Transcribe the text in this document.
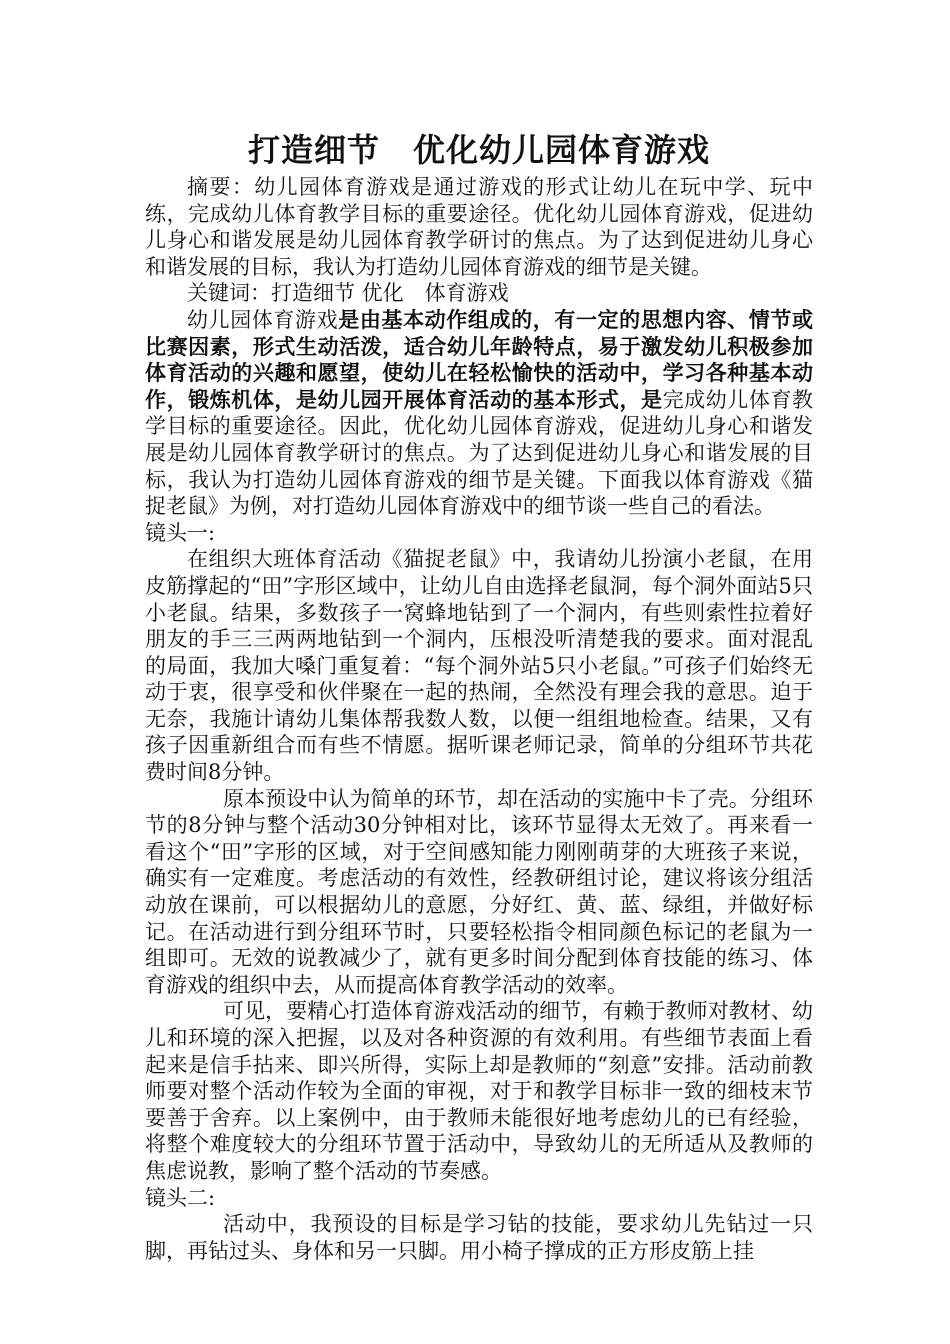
打造细节　优化幼儿园体育游戏

摘要：幼儿园体育游戏是通过游戏的形式让幼儿在玩中学、玩中练，完成幼儿体育教学目标的重要途径。优化幼儿园体育游戏，促进幼儿身心和谐发展是幼儿园体育教学研讨的焦点。为了达到促进幼儿身心和谐发展的目标，我认为打造幼儿园体育游戏的细节是关键。

关键词：打造细节 优化　体育游戏

幼儿园体育游戏是由基本动作组成的，有一定的思想内容、情节或比赛因素，形式生动活泼，适合幼儿年龄特点，易于激发幼儿积极参加体育活动的兴趣和愿望，使幼儿在轻松愉快的活动中，学习各种基本动作，锻炼机体，是幼儿园开展体育活动的基本形式，是完成幼儿体育教学目标的重要途径。因此，优化幼儿园体育游戏，促进幼儿身心和谐发展是幼儿园体育教学研讨的焦点。为了达到促进幼儿身心和谐发展的目标，我认为打造幼儿园体育游戏的细节是关键。下面我以体育游戏《猫捉老鼠》为例，对打造幼儿园体育游戏中的细节谈一些自己的看法。

镜头一:

在组织大班体育活动《猫捉老鼠》中，我请幼儿扮演小老鼠，在用皮筋撑起的“田”字形区域中，让幼儿自由选择老鼠洞，每个洞外面站5只小老鼠。结果，多数孩子一窝蜂地钻到了一个洞内，有些则索性拉着好朋友的手三三两两地钻到一个洞内，压根没听清楚我的要求。面对混乱的局面，我加大嗓门重复着：“每个洞外站5只小老鼠。”可孩子们始终无动于衷，很享受和伙伴聚在一起的热闹，全然没有理会我的意思。迫于无奈，我施计请幼儿集体帮我数人数，以便一组组地检查。结果，又有孩子因重新组合而有些不情愿。据听课老师记录，简单的分组环节共花费时间8分钟。

原本预设中认为简单的环节，却在活动的实施中卡了壳。分组环节的8分钟与整个活动30分钟相对比，该环节显得太无效了。再来看一看这个“田”字形的区域，对于空间感知能力刚刚萌芽的大班孩子来说，确实有一定难度。考虑活动的有效性，经教研组讨论，建议将该分组活动放在课前，可以根据幼儿的意愿，分好红、黄、蓝、绿组，并做好标记。在活动进行到分组环节时，只要轻松指令相同颜色标记的老鼠为一组即可。无效的说教减少了，就有更多时间分配到体育技能的练习、体育游戏的组织中去，从而提高体育教学活动的效率。

可见，要精心打造体育游戏活动的细节，有赖于教师对教材、幼儿和环境的深入把握，以及对各种资源的有效利用。有些细节表面上看起来是信手拈来、即兴所得，实际上却是教师的“刻意”安排。活动前教师要对整个活动作较为全面的审视，对于和教学目标非一致的细枝末节要善于舍弃。以上案例中，由于教师未能很好地考虑幼儿的已有经验，将整个难度较大的分组环节置于活动中，导致幼儿的无所适从及教师的焦虑说教，影响了整个活动的节奏感。

镜头二:

活动中，我预设的目标是学习钻的技能，要求幼儿先钻过一只脚，再钻过头、身体和另一只脚。用小椅子撑成的正方形皮筋上挂
